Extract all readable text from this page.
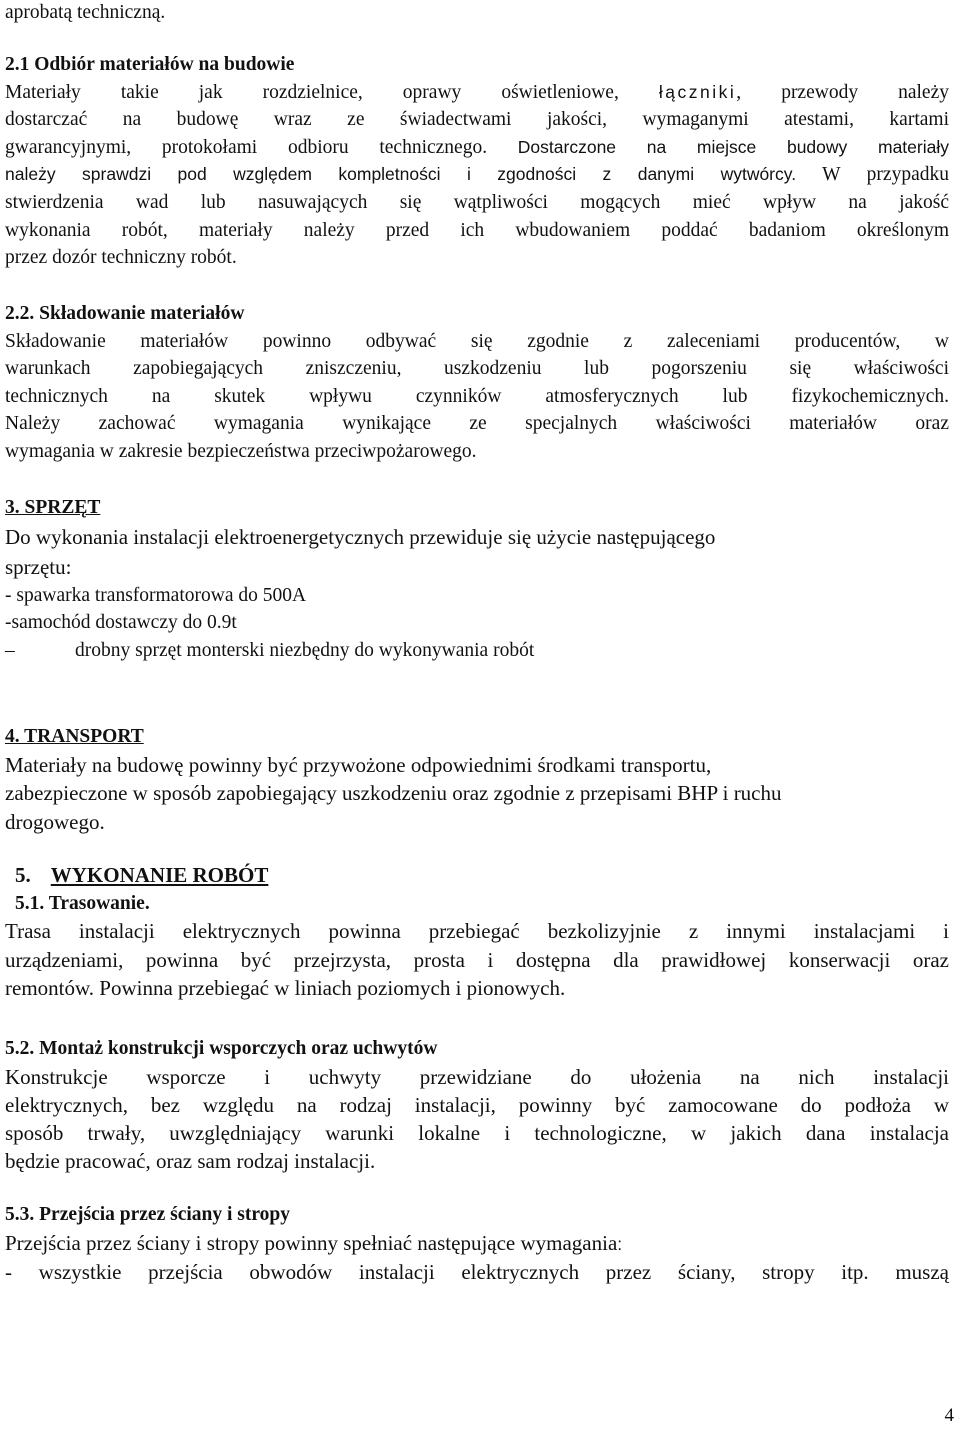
aprobatą techniczną.

2.1 Odbiór materiałów na budowie

Materiały takie jak rozdzielnice, oprawy oświetleniowe, łączniki, przewody należy

dostarczać na budowę wraz ze świadectwami jakości, wymaganymi atestami, kartami

gwarancyjnymi, protokołami odbioru technicznego. Dostarczone na miejsce budowy materiały

należy sprawdzi pod względem kompletności i zgodności z danymi wytwórcy. W przypadku

stwierdzenia wad lub nasuwających się wątpliwości mogących mieć wpływ na jakość

wykonania robót, materiały należy przed ich wbudowaniem poddać badaniom określonym

przez dozór techniczny robót.

2.2. Składowanie materiałów

Składowanie materiałów powinno odbywać się zgodnie z zaleceniami producentów, w

warunkach zapobiegających zniszczeniu, uszkodzeniu lub pogorszeniu się właściwości

technicznych na skutek wpływu czynników atmosferycznych lub fizykochemicznych.

Należy zachować wymagania wynikające ze specjalnych właściwości materiałów oraz

wymagania w zakresie bezpieczeństwa przeciwpożarowego.

3. SPRZĘT

Do wykonania instalacji elektroenergetycznych przewiduje się użycie następującego

sprzętu:

- spawarka transformatorowa do 500A

-samochód dostawczy do 0.9t

–	drobny sprzęt monterski niezbędny do wykonywania robót

4. TRANSPORT

Materiały na budowę powinny być przywożone odpowiednimi środkami transportu,

zabezpieczone w sposób zapobiegający uszkodzeniu oraz zgodnie z przepisami BHP i ruchu

drogowego.

5. WYKONANIE ROBÓT

5.1. Trasowanie.

Trasa instalacji elektrycznych powinna przebiegać bezkolizyjnie z innymi instalacjami i

urządzeniami, powinna być przejrzysta, prosta i dostępna dla prawidłowej konserwacji oraz

remontów. Powinna przebiegać w liniach poziomych i pionowych.

5.2. Montaż konstrukcji wsporczych oraz uchwytów

Konstrukcje wsporcze i uchwyty przewidziane do ułożenia na nich instalacji

elektrycznych, bez względu na rodzaj instalacji, powinny być zamocowane do podłoża w

sposób trwały, uwzględniający warunki lokalne i technologiczne, w jakich dana instalacja

będzie pracować, oraz sam rodzaj instalacji.

5.3. Przejścia przez ściany i stropy

Przejścia przez ściany i stropy powinny spełniać następujące wymagania:

- wszystkie przejścia obwodów instalacji elektrycznych przez ściany, stropy itp. muszą

4
